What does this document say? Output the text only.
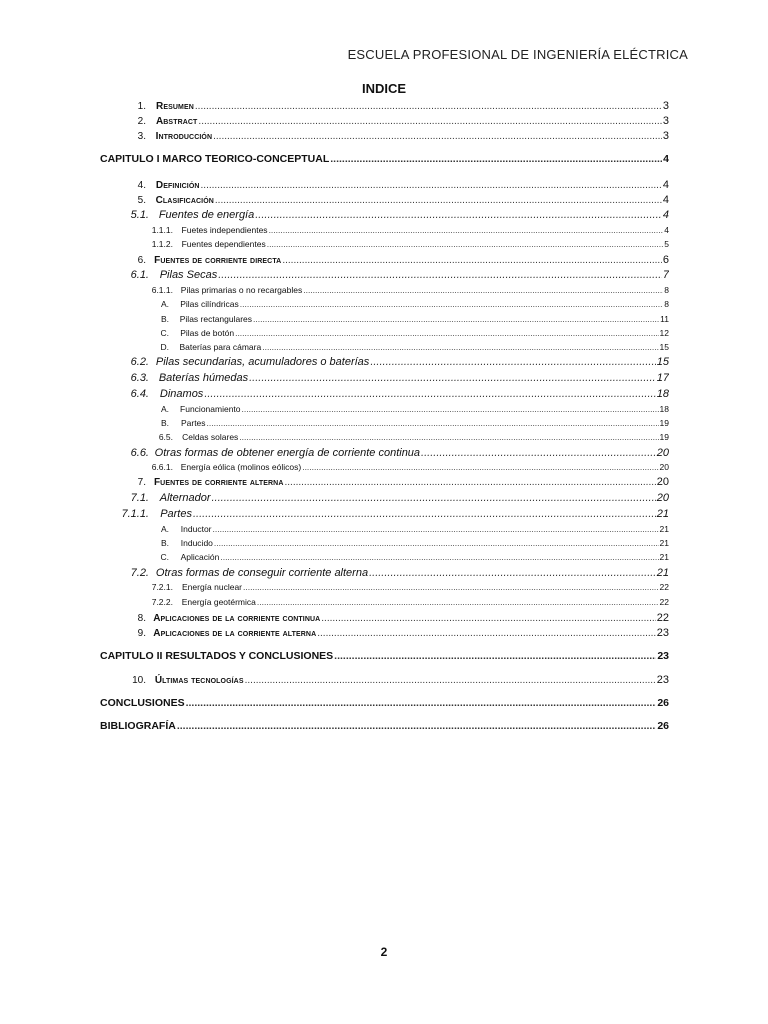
ESCUELA PROFESIONAL DE INGENIERÍA ELÉCTRICA
INDICE
1. Resumen .....	3
2. Abstract .....	3
3. Introducción .....	3
CAPITULO I MARCO TEORICO-CONCEPTUAL .....	4
4. Definición .....	4
5. Clasificación .....	4
5.1. Fuentes de energía .....	4
1.1.1. Fuetes independientes .....	4
1.1.2. Fuentes dependientes .....	5
6. Fuentes de corriente directa .....	6
6.1. Pilas Secas .....	7
6.1.1. Pilas primarias o no recargables .....	8
A. Pilas cilíndricas .....	8
B. Pilas rectangulares .....	11
C. Pilas de botón .....	12
D. Baterías para cámara .....	15
6.2. Pilas secundarias, acumuladores o baterías .....	15
6.3. Baterías húmedas .....	17
6.4. Dinamos .....	18
A. Funcionamiento .....	18
B. Partes .....	19
6.5. Celdas solares .....	19
6.6. Otras formas de obtener energía de corriente continua .....	20
6.6.1. Energía eólica (molinos eólicos) .....	20
7. Fuentes de corriente alterna .....	20
7.1. Alternador .....	20
7.1.1. Partes .....	21
A. Inductor .....	21
B. Inducido .....	21
C. Aplicación .....	21
7.2. Otras formas de conseguir corriente alterna .....	21
7.2.1. Energía nuclear .....	22
7.2.2. Energía geotérmica .....	22
8. Aplicaciones de la corriente continua .....	22
9. Aplicaciones de la corriente alterna .....	23
CAPITULO II RESULTADOS Y CONCLUSIONES .....	23
10. Últimas tecnologías .....	23
CONCLUSIONES .....	26
BIBLIOGRAFÍA .....	26
2
